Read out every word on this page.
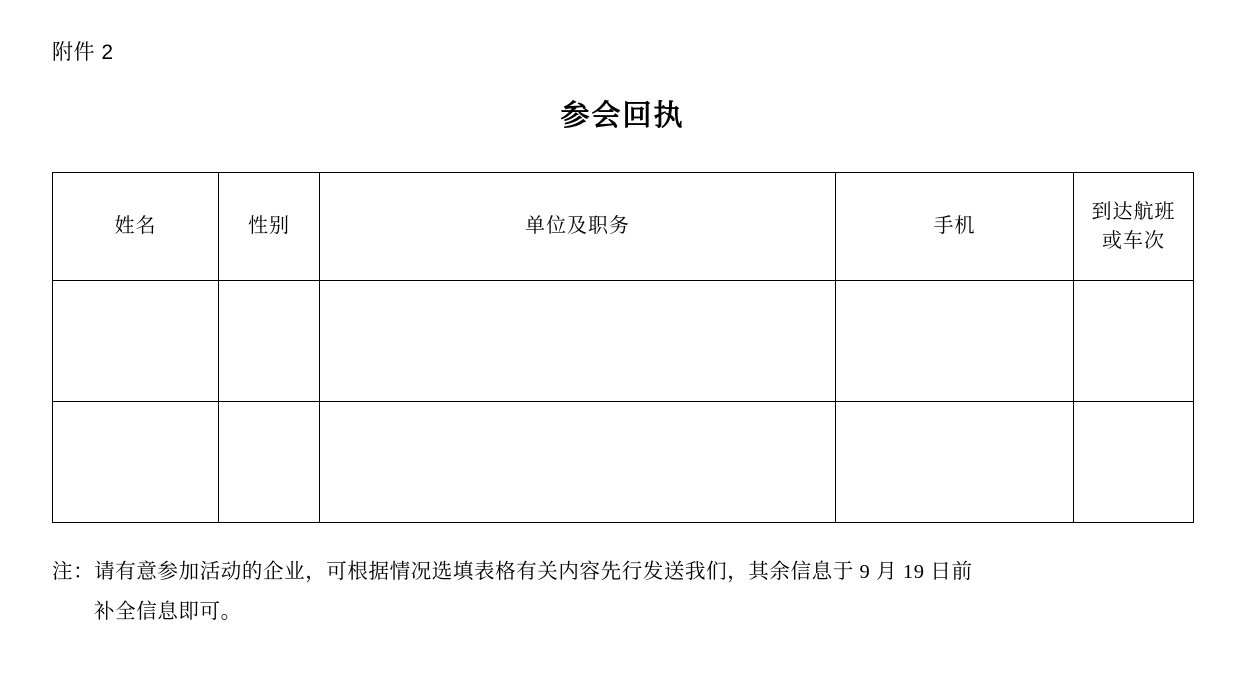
附件 2
参会回执
姓名	性别	单位及职务	手机	到达航班
或车次

注：请有意参加活动的企业，可根据情况选填表格有关内容先行发送我们，其余信息于 9 月 19 日前
补全信息即可。
